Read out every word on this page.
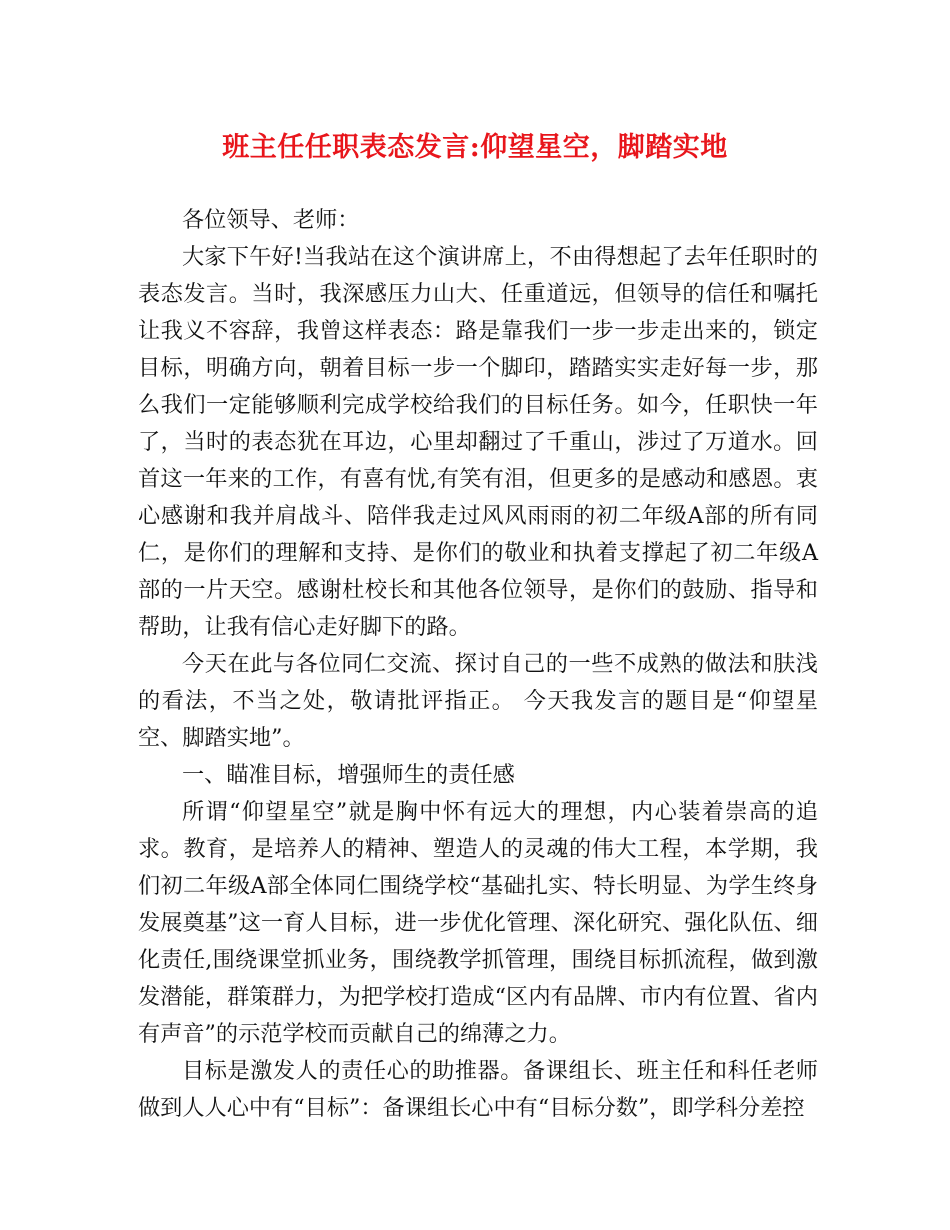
班主任任职表态发言:仰望星空，脚踏实地

各位领导、老师：

大家下午好!当我站在这个演讲席上，不由得想起了去年任职时的表态发言。当时，我深感压力山大、任重道远，但领导的信任和嘱托让我义不容辞，我曾这样表态：路是靠我们一步一步走出来的，锁定目标，明确方向，朝着目标一步一个脚印，踏踏实实走好每一步，那么我们一定能够顺利完成学校给我们的目标任务。如今，任职快一年了，当时的表态犹在耳边，心里却翻过了千重山，涉过了万道水。回首这一年来的工作，有喜有忧,有笑有泪，但更多的是感动和感恩。衷心感谢和我并肩战斗、陪伴我走过风风雨雨的初二年级A部的所有同仁，是你们的理解和支持、是你们的敬业和执着支撑起了初二年级A部的一片天空。感谢杜校长和其他各位领导，是你们的鼓励、指导和帮助，让我有信心走好脚下的路。

今天在此与各位同仁交流、探讨自己的一些不成熟的做法和肤浅的看法，不当之处，敬请批评指正。 今天我发言的题目是“仰望星空、脚踏实地”。

一、瞄准目标，增强师生的责任感

所谓“仰望星空”就是胸中怀有远大的理想，内心装着崇高的追求。教育，是培养人的精神、塑造人的灵魂的伟大工程，本学期，我们初二年级A部全体同仁围绕学校“基础扎实、特长明显、为学生终身发展奠基”这一育人目标，进一步优化管理、深化研究、强化队伍、细化责任,围绕课堂抓业务，围绕教学抓管理，围绕目标抓流程，做到激发潜能，群策群力，为把学校打造成“区内有品牌、市内有位置、省内有声音”的示范学校而贡献自己的绵薄之力。

目标是激发人的责任心的助推器。备课组长、班主任和科任老师做到人人心中有“目标”：备课组长心中有“目标分数”，即学科分差控
